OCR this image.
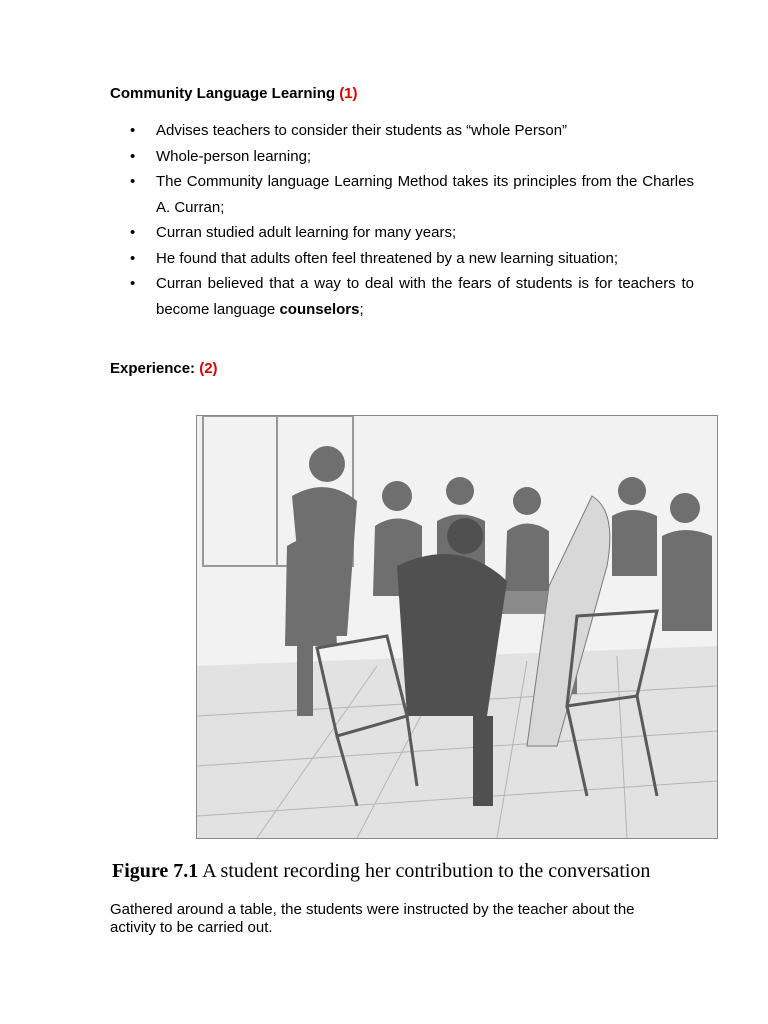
Community Language Learning (1)
• Advises teachers to consider their students as “whole Person”
• Whole-person learning;
• The Community language Learning Method takes its principles from the Charles A. Curran;
• Curran studied adult learning for many years;
• He found that adults often feel threatened by a new learning situation;
• Curran believed that a way to deal with the fears of students is for teachers to become language counselors;
Experience: (2)
Figure 7.1 A student recording her contribution to the conversation
Gathered around a table, the students were instructed by the teacher about the activity to be carried out.
